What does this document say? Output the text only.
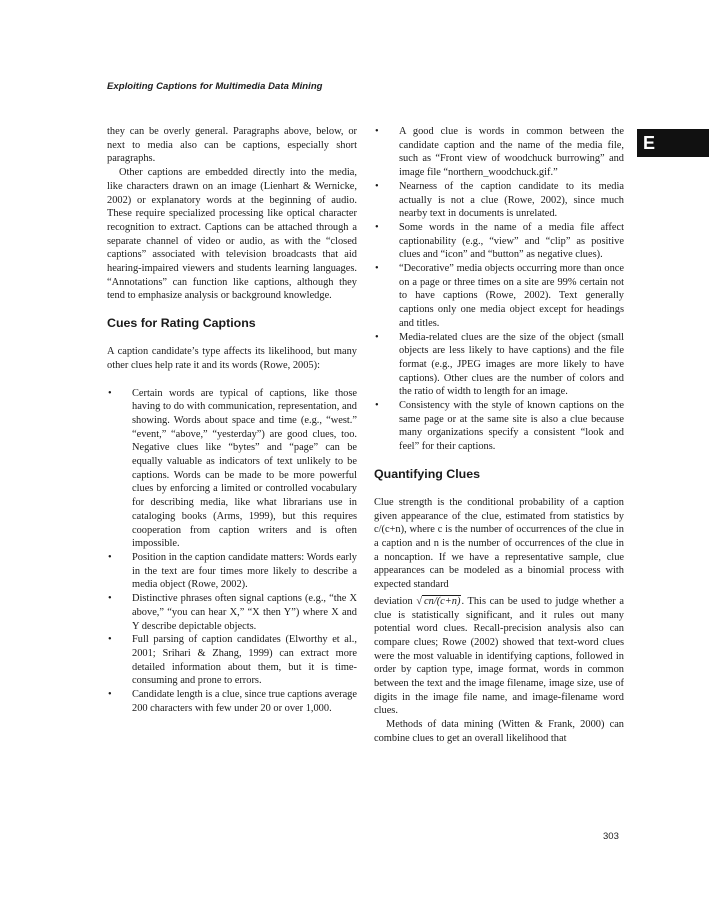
Exploiting Captions for Multimedia Data Mining
E

they can be overly general. Paragraphs above, below, or next to media also can be captions, especially short paragraphs.

Other captions are embedded directly into the media, like characters drawn on an image (Lienhart & Wernicke, 2002) or explanatory words at the beginning of audio. These require specialized processing like optical character recognition to extract. Captions can be attached through a separate channel of video or audio, as with the “closed captions” associated with television broadcasts that aid hearing-impaired viewers and students learning languages. “Annotations” can function like captions, although they tend to emphasize analysis or background knowledge.

Cues for Rating Captions

A caption candidate’s type affects its likelihood, but many other clues help rate it and its words (Rowe, 2005):

• Certain words are typical of captions, like those having to do with communication, representation, and showing. Words about space and time (e.g., “west.” “event,” “above,” “yesterday”) are good clues, too. Negative clues like “bytes” and “page” can be equally valuable as indicators of text unlikely to be captions. Words can be made to be more powerful clues by enforcing a limited or controlled vocabulary for describing media, like what librarians use in cataloging books (Arms, 1999), but this requires cooperation from caption writers and is often impossible.
• Position in the caption candidate matters: Words early in the text are four times more likely to describe a media object (Rowe, 2002).
• Distinctive phrases often signal captions (e.g., “the X above,” “you can hear X,” “X then Y”) where X and Y describe depictable objects.
• Full parsing of caption candidates (Elworthy et al., 2001; Srihari & Zhang, 1999) can extract more detailed information about them, but it is time-consuming and prone to errors.
• Candidate length is a clue, since true captions average 200 characters with few under 20 or over 1,000.
• A good clue is words in common between the candidate caption and the name of the media file, such as “Front view of woodchuck burrowing” and image file “northern_woodchuck.gif.”
• Nearness of the caption candidate to its media actually is not a clue (Rowe, 2002), since much nearby text in documents is unrelated.
• Some words in the name of a media file affect captionability (e.g., “view” and “clip” as positive clues and “icon” and “button” as negative clues).
• “Decorative” media objects occurring more than once on a page or three times on a site are 99% certain not to have captions (Rowe, 2002). Text generally captions only one media object except for headings and titles.
• Media-related clues are the size of the object (small objects are less likely to have captions) and the file format (e.g., JPEG images are more likely to have captions). Other clues are the number of colors and the ratio of width to length for an image.
• Consistency with the style of known captions on the same page or at the same site is also a clue because many organizations specify a consistent “look and feel” for their captions.
Quantifying Clues

Clue strength is the conditional probability of a caption given appearance of the clue, estimated from statistics by c/(c+n), where c is the number of occurrences of the clue in a caption and n is the number of occurrences of the clue in a noncaption. If we have a representative sample, clue appearances can be modeled as a binomial process with expected standard

deviation √ cn/(c+n). This can be used to judge whether a clue is statistically significant, and it rules out many potential word clues. Recall-precision analysis also can compare clues; Rowe (2002) showed that text-word clues were the most valuable in identifying captions, followed in order by caption type, image format, words in common between the text and the image filename, image size, use of digits in the image file name, and image-filename word clues.

Methods of data mining (Witten & Frank, 2000) can combine clues to get an overall likelihood that

303
